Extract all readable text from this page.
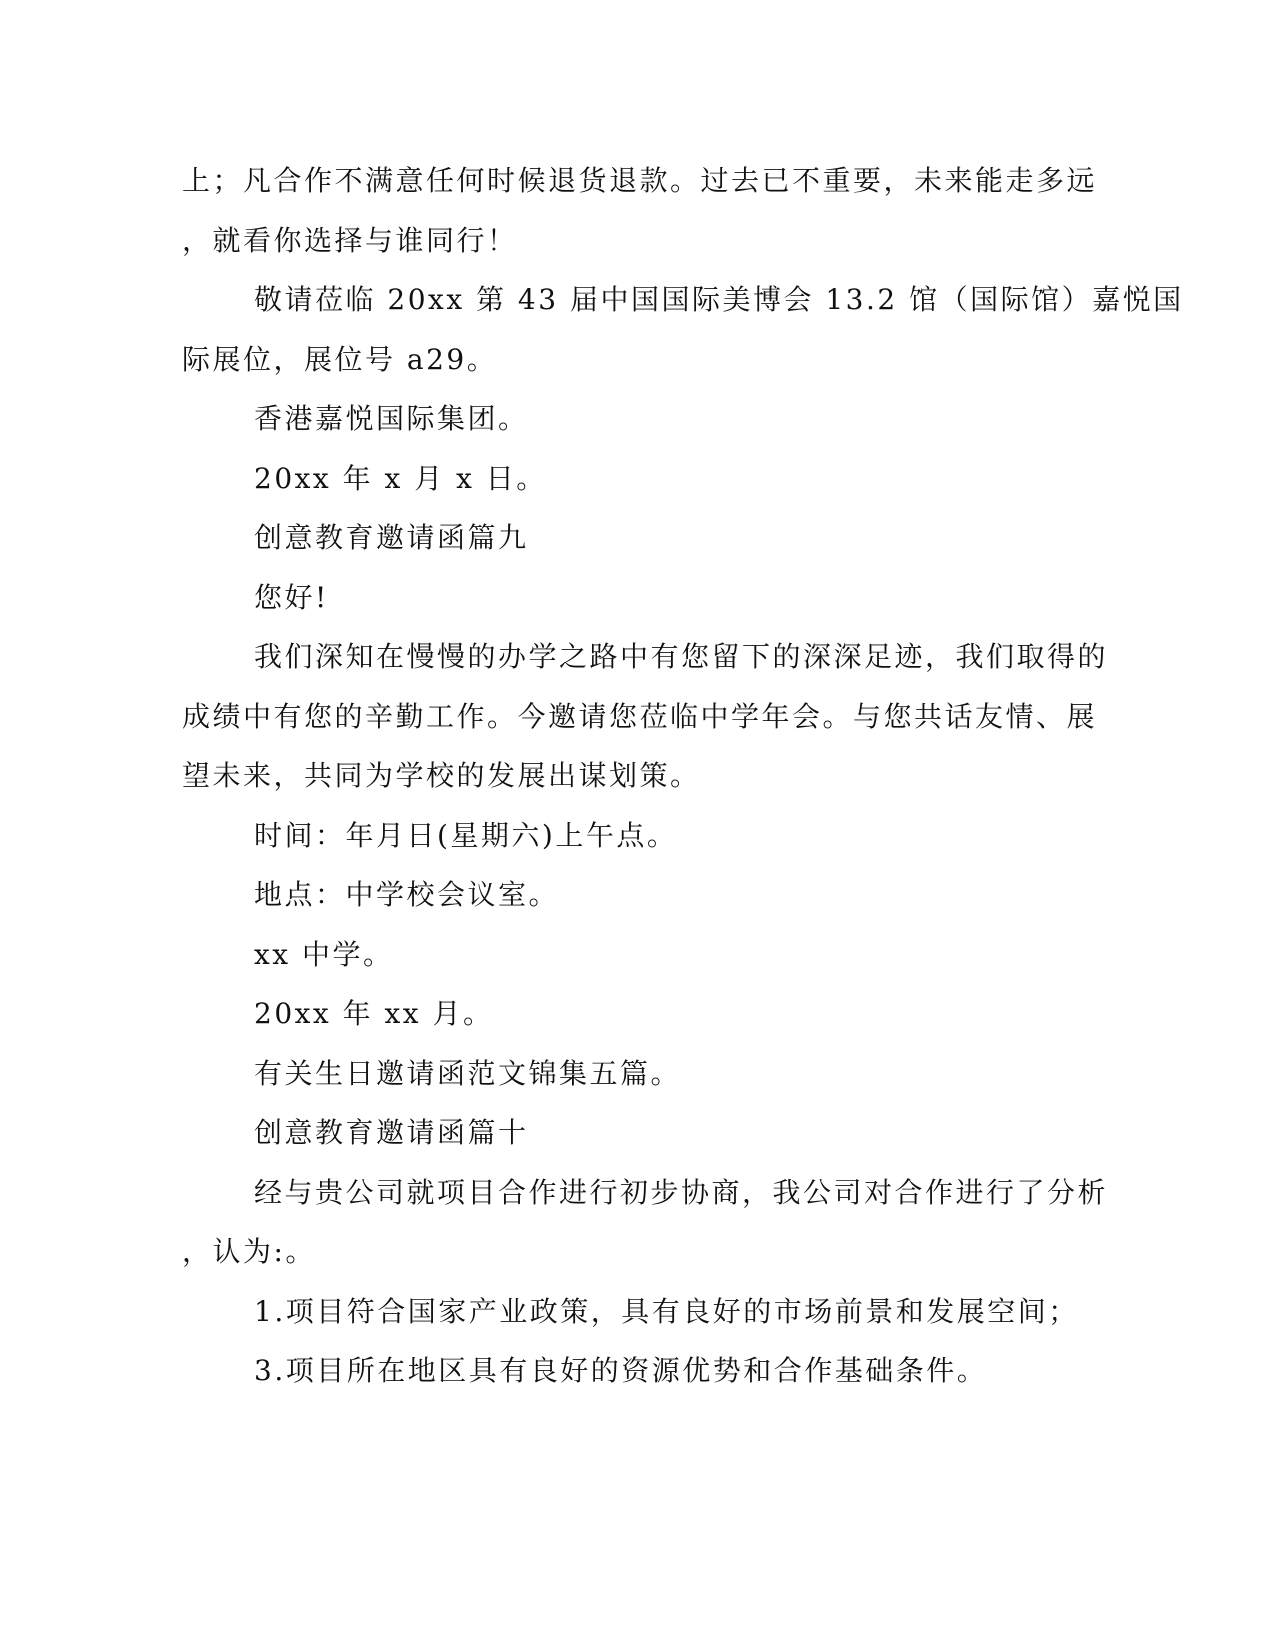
上；凡合作不满意任何时候退货退款。过去已不重要，未来能走多远
，就看你选择与谁同行！
敬请莅临 20xx 第 43 届中国国际美博会 13.2 馆（国际馆）嘉悦国
际展位，展位号 a29。
香港嘉悦国际集团。
20xx 年 x 月 x 日。
创意教育邀请函篇九
您好!
我们深知在慢慢的办学之路中有您留下的深深足迹，我们取得的
成绩中有您的辛勤工作。今邀请您莅临中学年会。与您共话友情、展
望未来，共同为学校的发展出谋划策。
时间：年月日(星期六)上午点。
地点：中学校会议室。
xx 中学。
20xx 年 xx 月。
有关生日邀请函范文锦集五篇。
创意教育邀请函篇十
经与贵公司就项目合作进行初步协商，我公司对合作进行了分析
，认为:。
1.项目符合国家产业政策，具有良好的市场前景和发展空间；
3.项目所在地区具有良好的资源优势和合作基础条件。
